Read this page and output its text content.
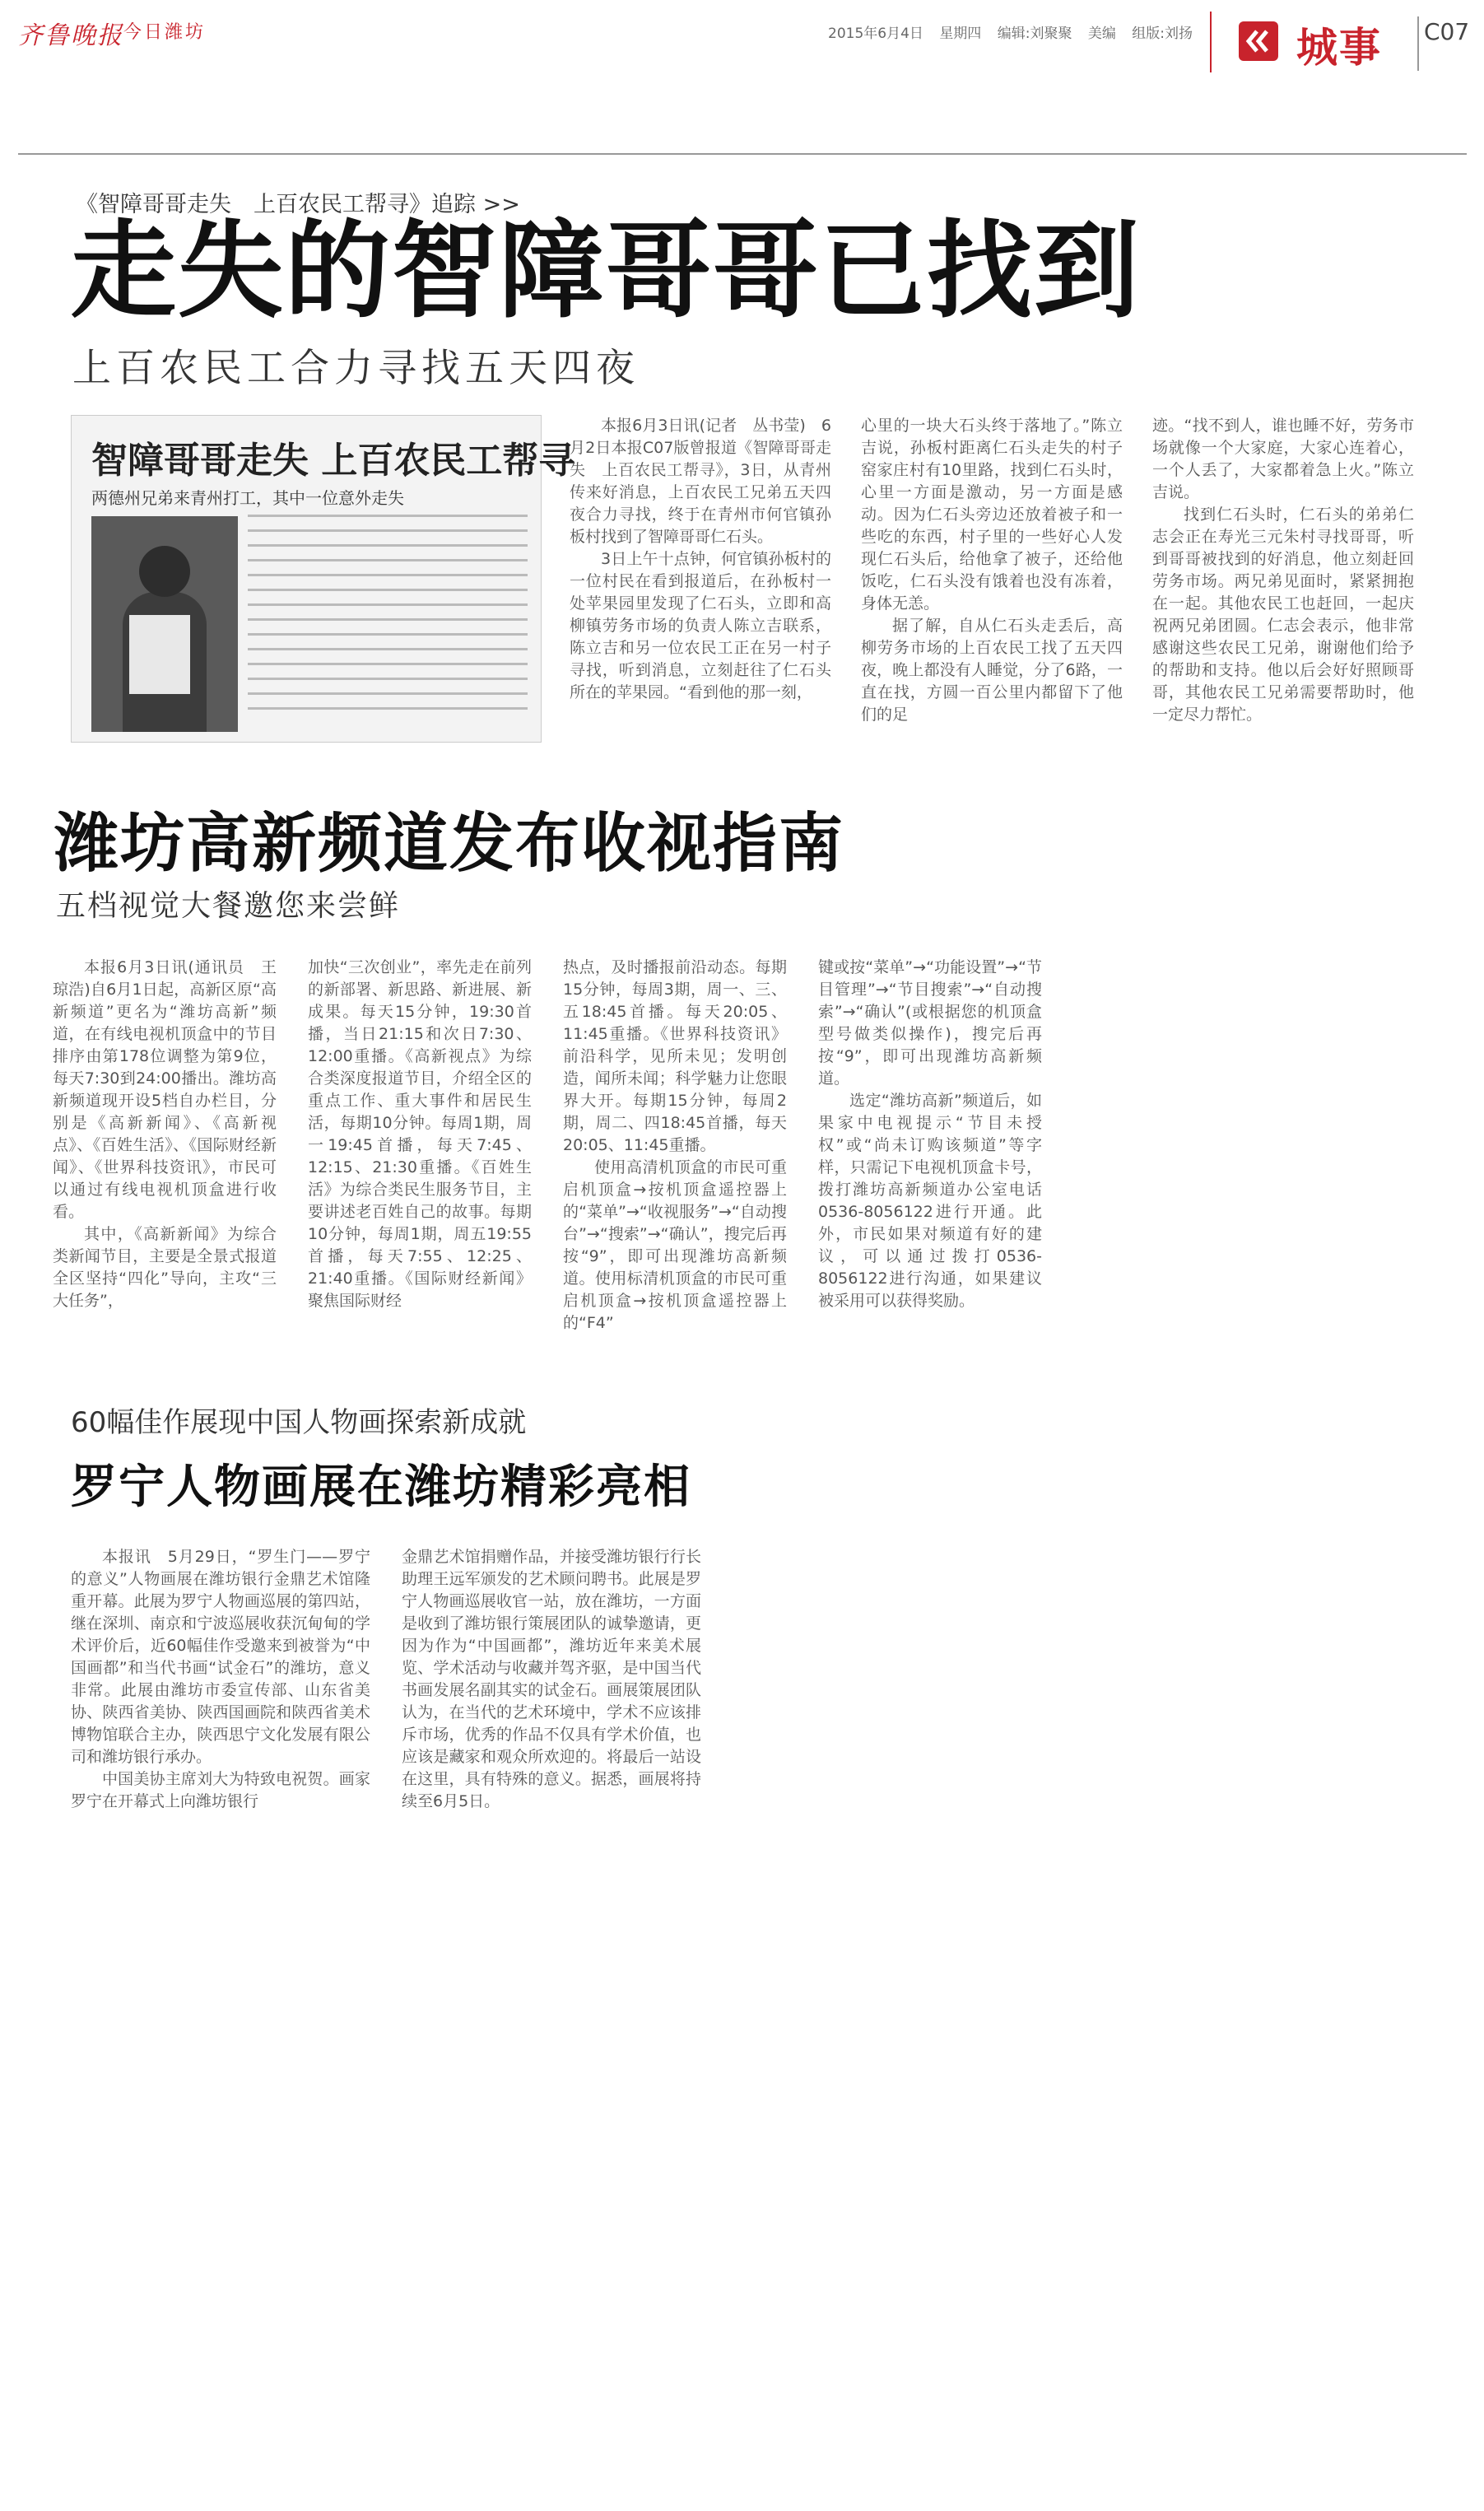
齐鲁晚报 今日潍坊	2015年6月4日 星期四 编辑:刘聚聚 美编 组版:刘扬	城事 C07
《智障哥哥走失　上百农民工帮寻》追踪 >>
走失的智障哥哥已找到
上百农民工合力寻找五天四夜
智障哥哥走失 上百农民工帮寻
两德州兄弟来青州打工，其中一位意外走失

本报6月3日讯(记者　丛书莹)　6月2日本报C07版曾报道《智障哥哥走失　上百农民工帮寻》，3日，从青州传来好消息，上百农民工兄弟五天四夜合力寻找，终于在青州市何官镇孙板村找到了智障哥哥仁石头。

3日上午十点钟，何官镇孙板村的一位村民在看到报道后，在孙板村一处苹果园里发现了仁石头，立即和高柳镇劳务市场的负责人陈立吉联系，陈立吉和另一位农民工正在另一村子寻找，听到消息，立刻赶往了仁石头所在的苹果园。“看到他的那一刻，

心里的一块大石头终于落地了。”陈立吉说，孙板村距离仁石头走失的村子窑家庄村有10里路，找到仁石头时，心里一方面是激动，另一方面是感动。因为仁石头旁边还放着被子和一些吃的东西，村子里的一些好心人发现仁石头后，给他拿了被子，还给他饭吃，仁石头没有饿着也没有冻着，身体无恙。

据了解，自从仁石头走丢后，高柳劳务市场的上百农民工找了五天四夜，晚上都没有人睡觉，分了6路，一直在找，方圆一百公里内都留下了他们的足

迹。“找不到人，谁也睡不好，劳务市场就像一个大家庭，大家心连着心，一个人丢了，大家都着急上火。”陈立吉说。

找到仁石头时，仁石头的弟弟仁志会正在寿光三元朱村寻找哥哥，听到哥哥被找到的好消息，他立刻赶回劳务市场。两兄弟见面时，紧紧拥抱在一起。其他农民工也赶回，一起庆祝两兄弟团圆。仁志会表示，他非常感谢这些农民工兄弟，谢谢他们给予的帮助和支持。他以后会好好照顾哥哥，其他农民工兄弟需要帮助时，他一定尽力帮忙。

潍坊高新频道发布收视指南
五档视觉大餐邀您来尝鲜

本报6月3日讯(通讯员　王琼浩)自6月1日起，高新区原“高新频道”更名为“潍坊高新”频道，在有线电视机顶盒中的节目排序由第178位调整为第9位，每天7:30到24:00播出。潍坊高新频道现开设5档自办栏目，分别是《高新新闻》、《高新视点》、《百姓生活》、《国际财经新闻》、《世界科技资讯》，市民可以通过有线电视机顶盒进行收看。

其中，《高新新闻》为综合类新闻节目，主要是全景式报道全区坚持“四化”导向，主攻“三大任务”，

加快“三次创业”，率先走在前列的新部署、新思路、新进展、新成果。每天15分钟，19:30首播，当日21:15和次日7:30、12:00重播。《高新视点》为综合类深度报道节目，介绍全区的重点工作、重大事件和居民生活，每期10分钟。每周1期，周一19:45首播，每天7:45、12:15、21:30重播。《百姓生活》为综合类民生服务节目，主要讲述老百姓自己的故事。每期10分钟，每周1期，周五19:55首播，每天7:55、12:25、21:40重播。《国际财经新闻》聚焦国际财经

热点，及时播报前沿动态。每期15分钟，每周3期，周一、三、五18:45首播。每天20:05、11:45重播。《世界科技资讯》前沿科学，见所未见；发明创造，闻所未闻；科学魅力让您眼界大开。每期15分钟，每周2期，周二、四18:45首播，每天20:05、11:45重播。

使用高清机顶盒的市民可重启机顶盒→按机顶盒遥控器上的“菜单”→“收视服务”→“自动搜台”→“搜索”→“确认”，搜完后再按“9”，即可出现潍坊高新频道。使用标清机顶盒的市民可重启机顶盒→按机顶盒遥控器上的“F4”

键或按“菜单”→“功能设置”→“节目管理”→“节目搜索”→“自动搜索”→“确认”(或根据您的机顶盒型号做类似操作)，搜完后再按“9”，即可出现潍坊高新频道。

选定“潍坊高新”频道后，如果家中电视提示“节目未授权”或“尚未订购该频道”等字样，只需记下电视机顶盒卡号，拨打潍坊高新频道办公室电话0536-8056122进行开通。此外，市民如果对频道有好的建议，可以通过拨打0536-8056122进行沟通，如果建议被采用可以获得奖励。

60幅佳作展现中国人物画探索新成就
罗宁人物画展在潍坊精彩亮相

本报讯　5月29日，“罗生门——罗宁的意义”人物画展在潍坊银行金鼎艺术馆隆重开幕。此展为罗宁人物画巡展的第四站，继在深圳、南京和宁波巡展收获沉甸甸的学术评价后，近60幅佳作受邀来到被誉为“中国画都”和当代书画“试金石”的潍坊，意义非常。此展由潍坊市委宣传部、山东省美协、陕西省美协、陕西国画院和陕西省美术博物馆联合主办，陕西思宁文化发展有限公司和潍坊银行承办。

中国美协主席刘大为特致电祝贺。画家罗宁在开幕式上向潍坊银行

金鼎艺术馆捐赠作品，并接受潍坊银行行长助理王远军颁发的艺术顾问聘书。此展是罗宁人物画巡展收官一站，放在潍坊，一方面是收到了潍坊银行策展团队的诚挚邀请，更因为作为“中国画都”，潍坊近年来美术展览、学术活动与收藏并驾齐驱，是中国当代书画发展名副其实的试金石。画展策展团队认为，在当代的艺术环境中，学术不应该排斥市场，优秀的作品不仅具有学术价值，也应该是藏家和观众所欢迎的。将最后一站设在这里，具有特殊的意义。据悉，画展将持续至6月5日。
